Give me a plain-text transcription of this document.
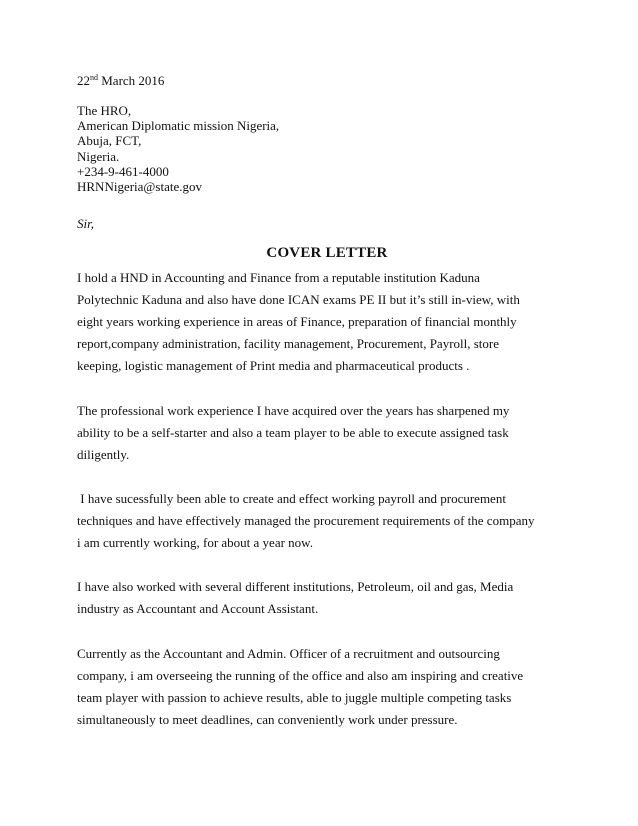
22nd March 2016
The HRO,
American Diplomatic mission Nigeria,
Abuja, FCT,
Nigeria.
+234-9-461-4000
HRNNigeria@state.gov
Sir,
COVER LETTER

I hold a HND in Accounting and Finance from a reputable institution Kaduna
Polytechnic Kaduna and also have done ICAN exams PE II but it’s still in-view, with
eight years working experience in areas of Finance, preparation of financial monthly
report,company administration, facility management, Procurement, Payroll, store
keeping, logistic management of Print media and pharmaceutical products .

The professional work experience I have acquired over the years has sharpened my
ability to be a self-starter and also a team player to be able to execute assigned task
diligently.

I have sucessfully been able to create and effect working payroll and procurement
techniques and have effectively managed the procurement requirements of the company
i am currently working, for about a year now.

I have also worked with several different institutions, Petroleum, oil and gas, Media
industry as Accountant and Account Assistant.

Currently as the Accountant and Admin. Officer of a recruitment and outsourcing
company, i am overseeing the running of the office and also am inspiring and creative
team player with passion to achieve results, able to juggle multiple competing tasks
simultaneously to meet deadlines, can conveniently work under pressure.
